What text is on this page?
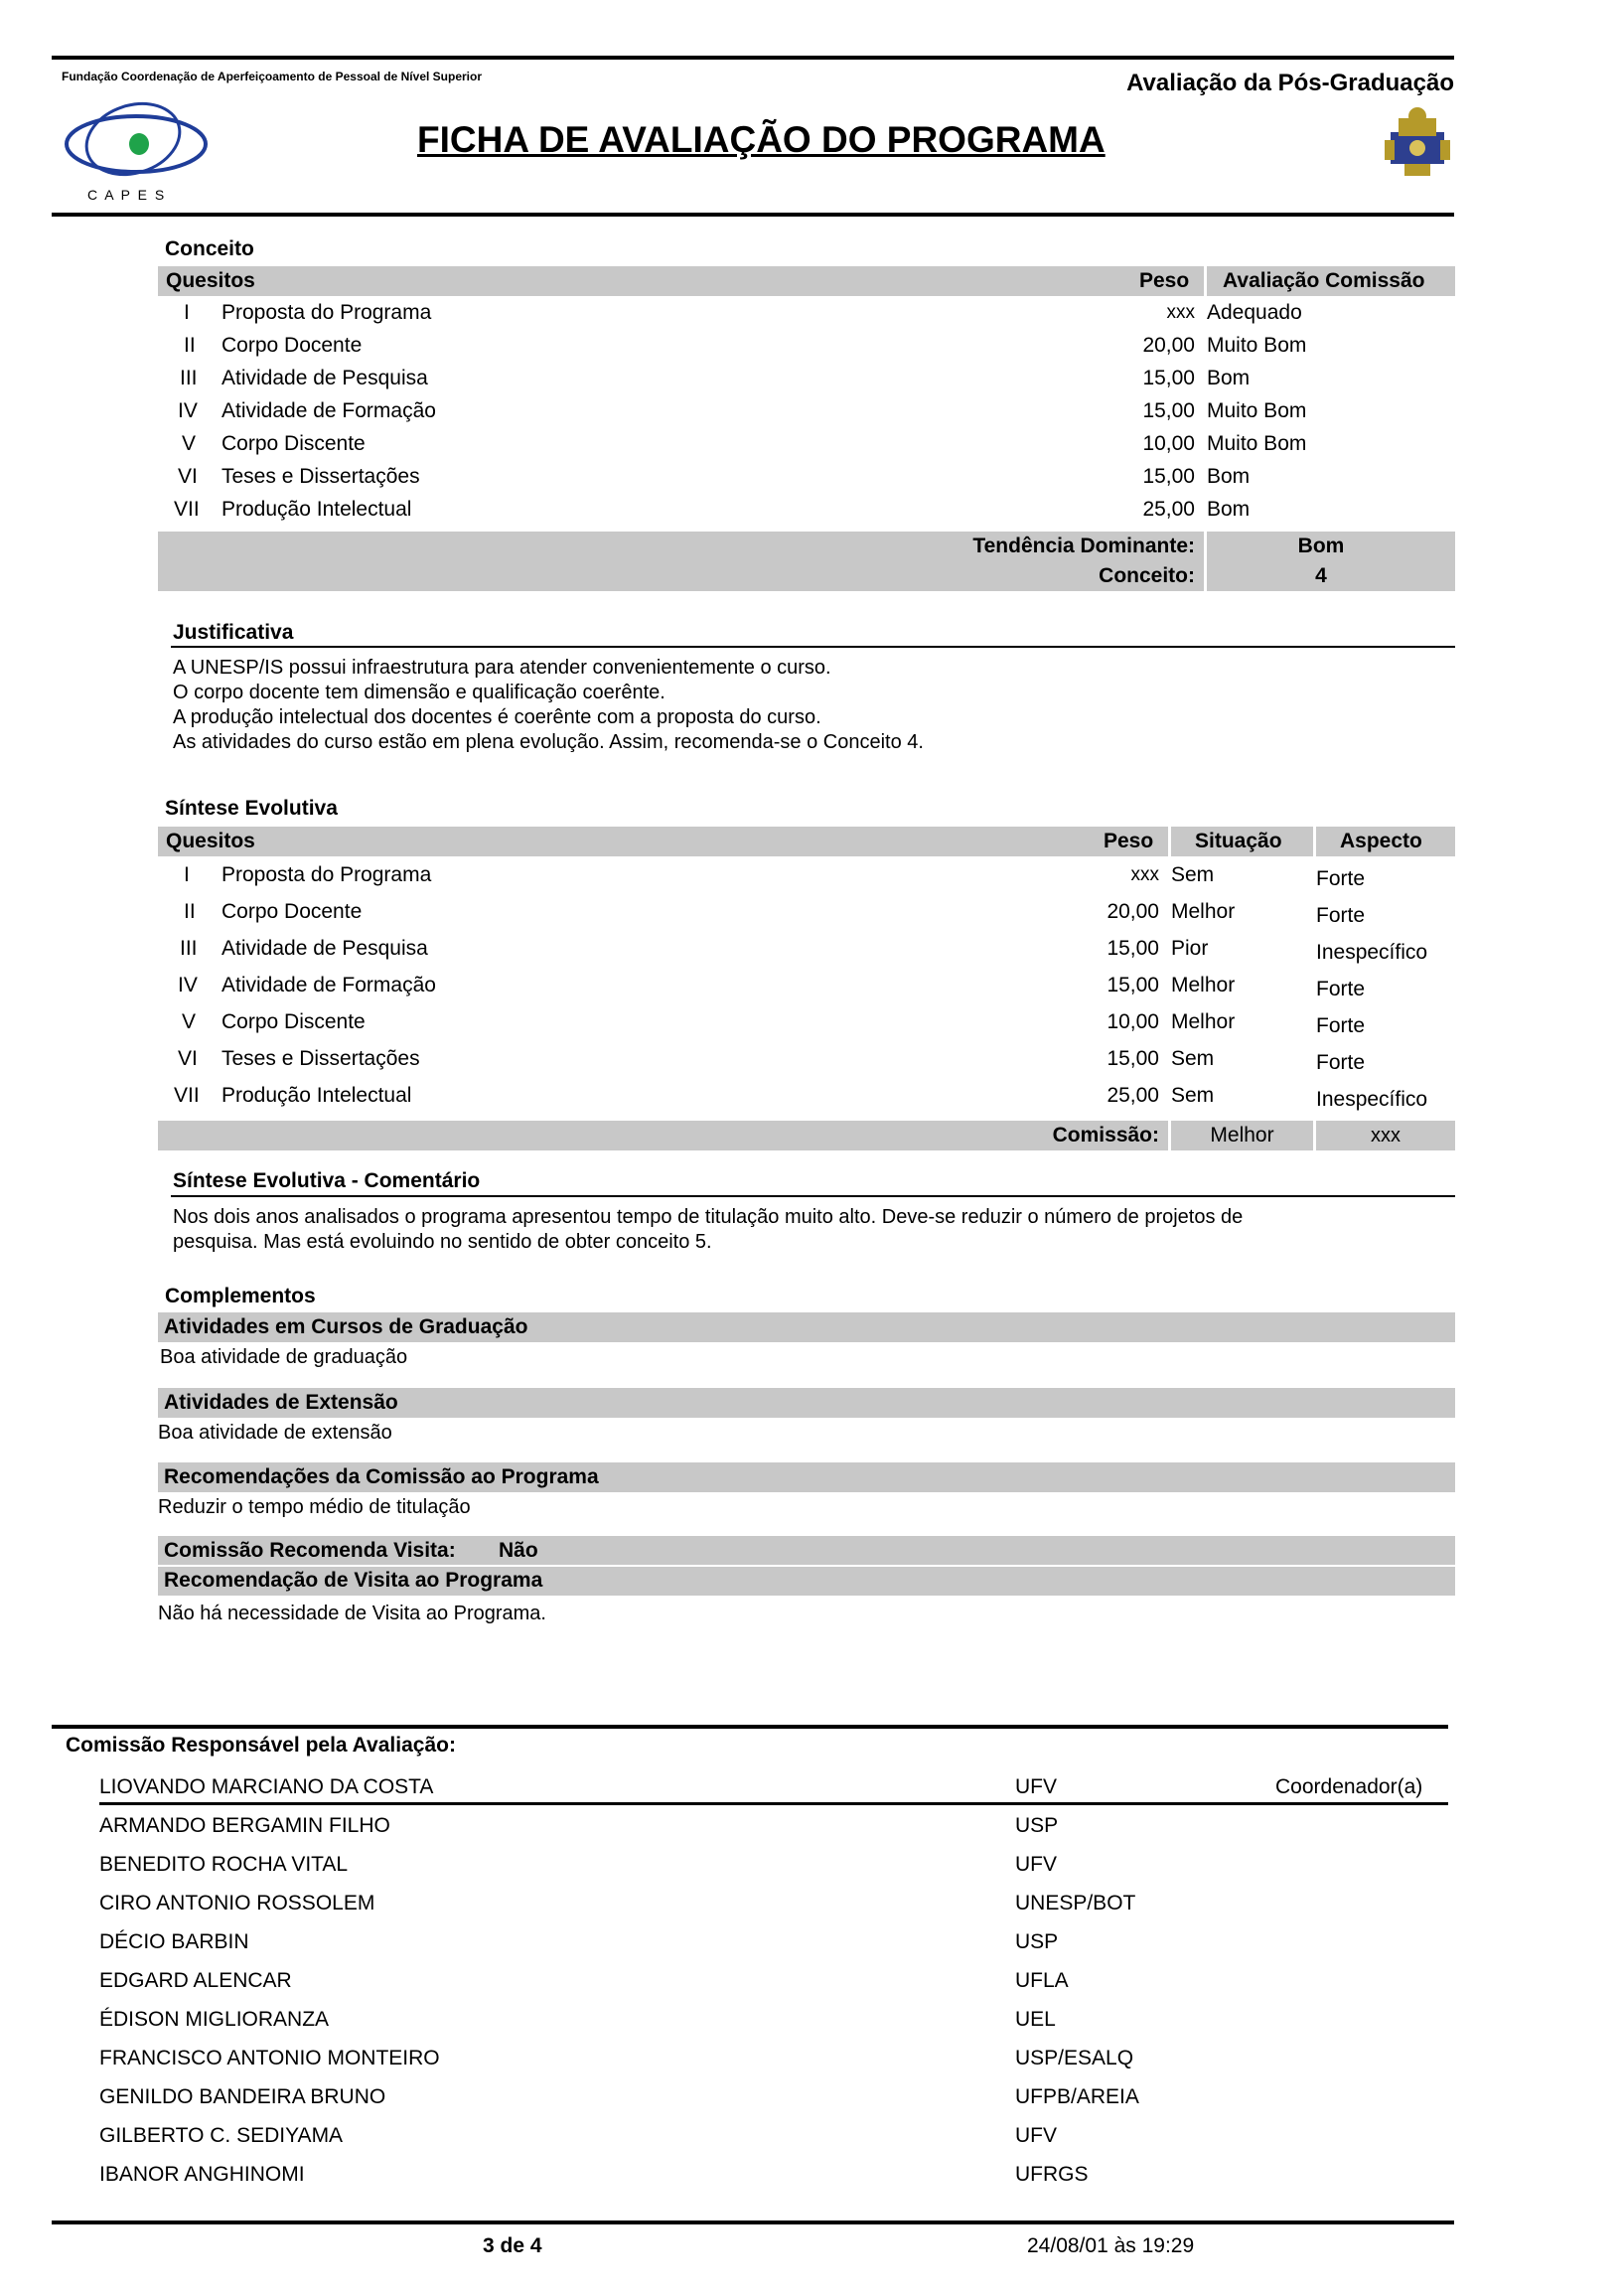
Fundação Coordenação de Aperfeiçoamento de Pessoal de Nível Superior	Avaliação da Pós-Graduação
C A P E S
FICHA DE AVALIAÇÃO DO PROGRAMA
Conceito
Quesitos	Peso Avaliação Comissão
I Proposta do Programa	xxx Adequado
II Corpo Docente	20,00 Muito Bom
III Atividade de Pesquisa	15,00 Bom
IV Atividade de Formação	15,00 Muito Bom
V Corpo Discente	10,00 Muito Bom
VI Teses e Dissertações	15,00 Bom
VII Produção Intelectual	25,00 Bom
Tendência Dominante:	Bom
Conceito:	4
Justificativa
A UNESP/IS possui infraestrutura para atender convenientemente o curso.
O corpo docente tem dimensão e qualificação coerênte.
A produção intelectual dos docentes é coerênte com a proposta do curso.
As atividades do curso estão em plena evolução. Assim, recomenda-se o Conceito 4.
Síntese Evolutiva
Quesitos	Peso Situação	Aspecto
I Proposta do Programa	xxx Sem	Forte
II Corpo Docente	20,00 Melhor	Forte
III Atividade de Pesquisa	15,00 Pior	Inespecífico
IV Atividade de Formação	15,00 Melhor	Forte
V Corpo Discente	10,00 Melhor	Forte
VI Teses e Dissertações	15,00 Sem	Forte
VII Produção Intelectual	25,00 Sem	Inespecífico
Comissão:	Melhor	xxx
Síntese Evolutiva - Comentário
Nos dois anos analisados o programa apresentou tempo de titulação muito alto. Deve-se reduzir o número de projetos de
pesquisa. Mas está evoluindo no sentido de obter conceito 5.
Complementos
Atividades em Cursos de Graduação
Boa atividade de graduação
Atividades de Extensão
Boa atividade de extensão
Recomendações da Comissão ao Programa
Reduzir o tempo médio de titulação
Comissão Recomenda Visita: Não
Recomendação de Visita ao Programa
Não há necessidade de Visita ao Programa.
Comissão Responsável pela Avaliação:
LIOVANDO MARCIANO DA COSTA	UFV	Coordenador(a)
ARMANDO BERGAMIN FILHO	USP
BENEDITO ROCHA VITAL	UFV
CIRO ANTONIO ROSSOLEM	UNESP/BOT
DÉCIO BARBIN	USP
EDGARD ALENCAR	UFLA
ÉDISON MIGLIORANZA	UEL
FRANCISCO ANTONIO MONTEIRO	USP/ESALQ
GENILDO BANDEIRA BRUNO	UFPB/AREIA
GILBERTO C. SEDIYAMA	UFV
IBANOR ANGHINOMI	UFRGS
3 de 4	24/08/01 às 19:29
